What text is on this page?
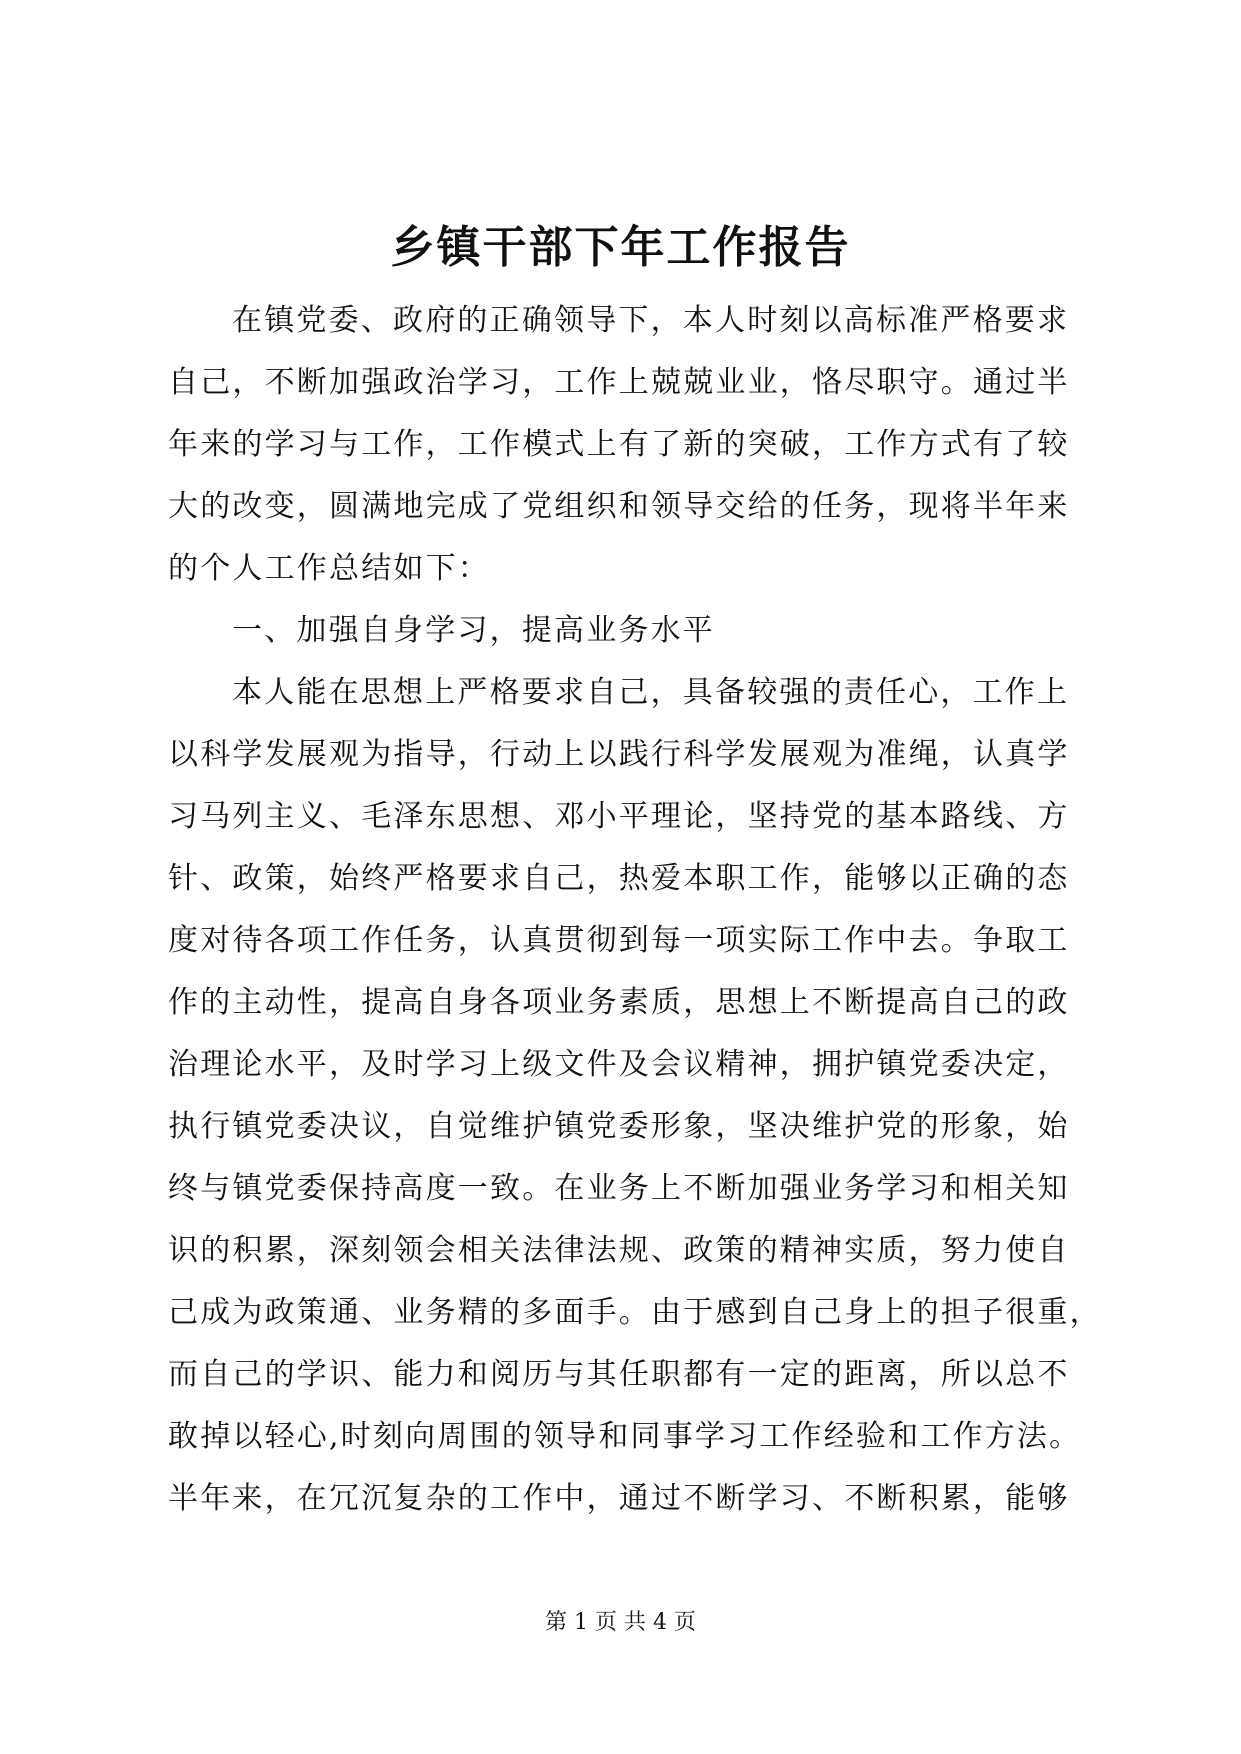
乡镇干部下年工作报告
在镇党委、政府的正确领导下，本人时刻以高标准严格要求
自己，不断加强政治学习，工作上兢兢业业，恪尽职守。通过半
年来的学习与工作，工作模式上有了新的突破，工作方式有了较
大的改变，圆满地完成了党组织和领导交给的任务，现将半年来
的个人工作总结如下：
一、加强自身学习，提高业务水平
本人能在思想上严格要求自己，具备较强的责任心，工作上
以科学发展观为指导，行动上以践行科学发展观为准绳，认真学
习马列主义、毛泽东思想、邓小平理论，坚持党的基本路线、方
针、政策，始终严格要求自己，热爱本职工作，能够以正确的态
度对待各项工作任务，认真贯彻到每一项实际工作中去。争取工
作的主动性，提高自身各项业务素质，思想上不断提高自己的政
治理论水平，及时学习上级文件及会议精神，拥护镇党委决定，
执行镇党委决议，自觉维护镇党委形象，坚决维护党的形象，始
终与镇党委保持高度一致。在业务上不断加强业务学习和相关知
识的积累，深刻领会相关法律法规、政策的精神实质，努力使自
己成为政策通、业务精的多面手。由于感到自己身上的担子很重，
而自己的学识、能力和阅历与其任职都有一定的距离，所以总不
敢掉以轻心,时刻向周围的领导和同事学习工作经验和工作方法。
半年来，在冗沉复杂的工作中，通过不断学习、不断积累，能够
第 1 页 共 4 页
